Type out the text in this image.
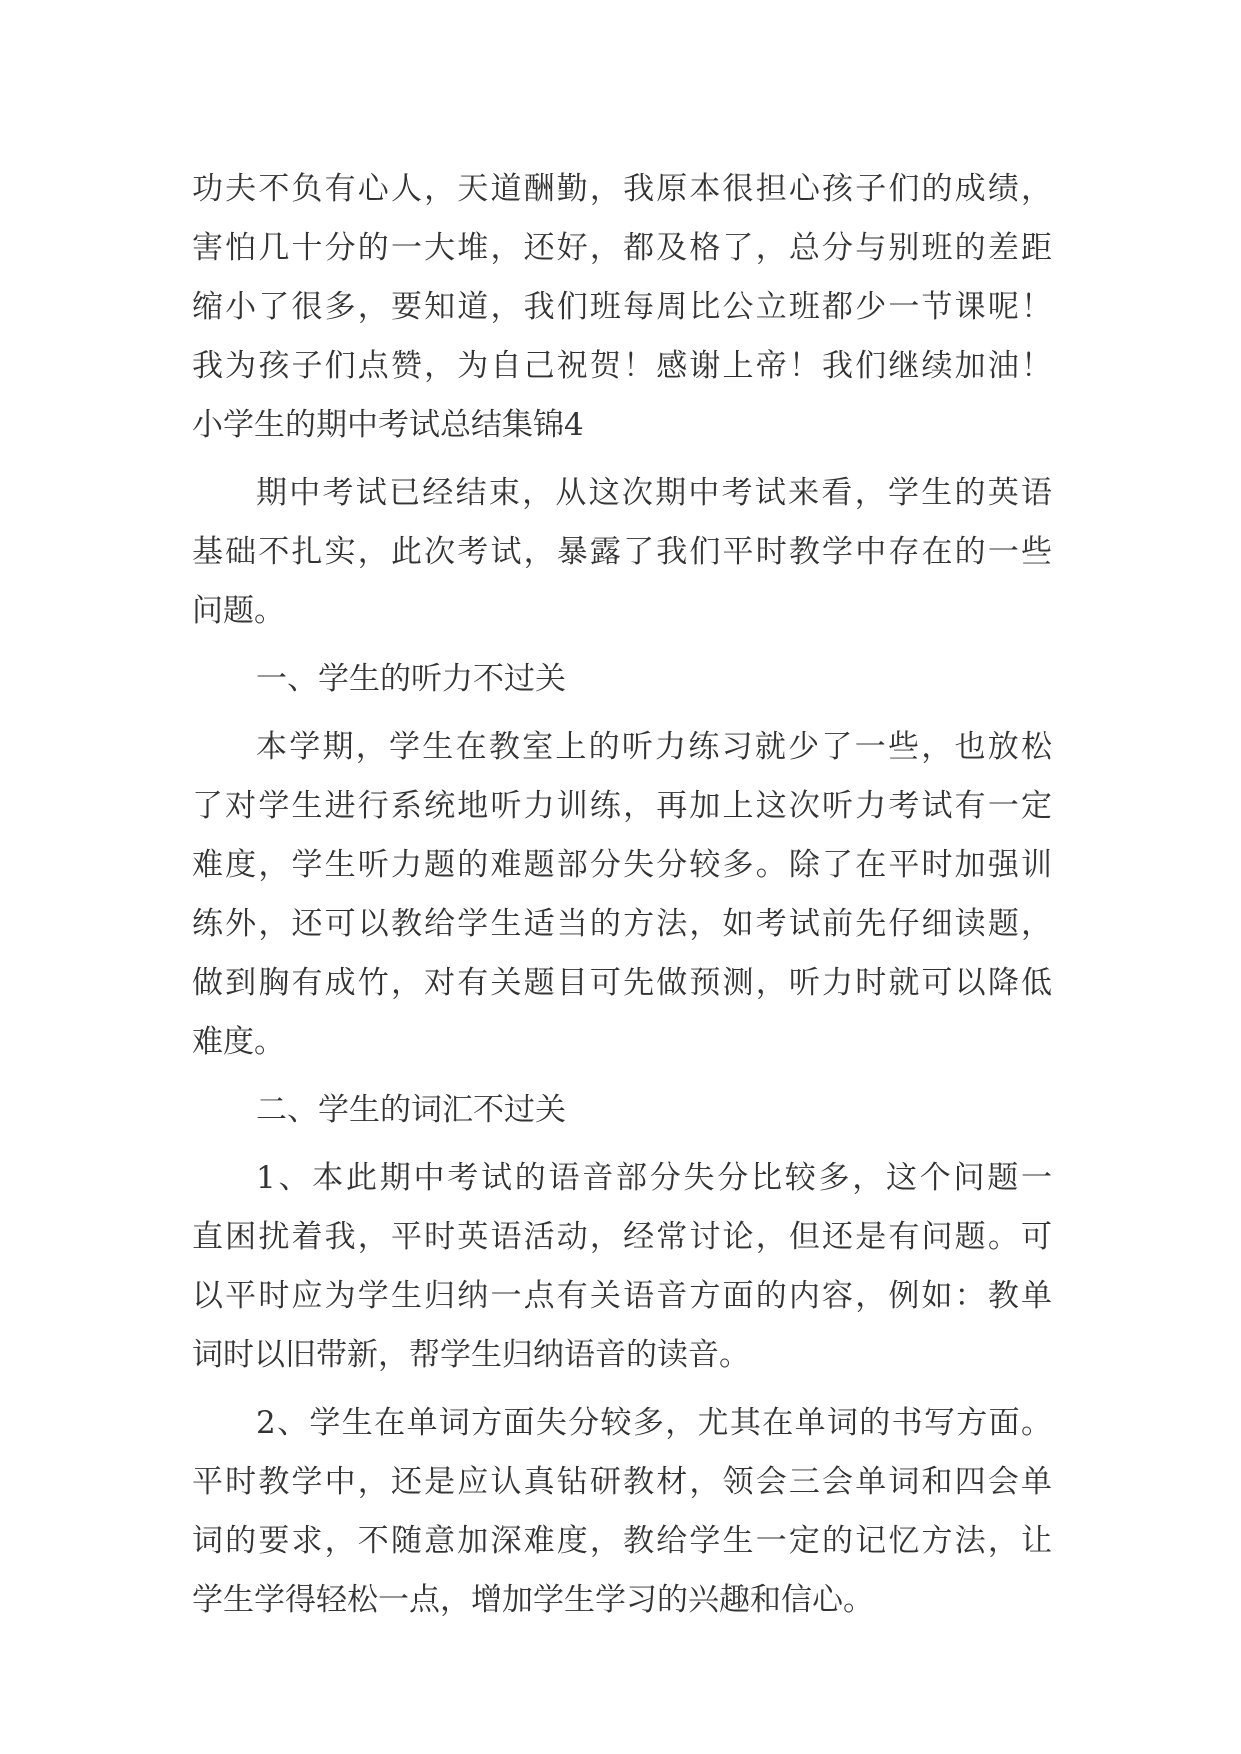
功夫不负有心人，天道酬勤，我原本很担心孩子们的成绩，
害怕几十分的一大堆，还好，都及格了，总分与别班的差距
缩小了很多，要知道，我们班每周比公立班都少一节课呢！
我为孩子们点赞，为自己祝贺！感谢上帝！我们继续加油！
小学生的期中考试总结集锦4
期中考试已经结束，从这次期中考试来看，学生的英语
基础不扎实，此次考试，暴露了我们平时教学中存在的一些
问题。
一、学生的听力不过关
本学期，学生在教室上的听力练习就少了一些，也放松
了对学生进行系统地听力训练，再加上这次听力考试有一定
难度，学生听力题的难题部分失分较多。除了在平时加强训
练外，还可以教给学生适当的方法，如考试前先仔细读题，
做到胸有成竹，对有关题目可先做预测，听力时就可以降低
难度。
二、学生的词汇不过关
1、本此期中考试的语音部分失分比较多，这个问题一
直困扰着我，平时英语活动，经常讨论，但还是有问题。可
以平时应为学生归纳一点有关语音方面的内容，例如：教单
词时以旧带新，帮学生归纳语音的读音。
2、学生在单词方面失分较多，尤其在单词的书写方面。
平时教学中，还是应认真钻研教材，领会三会单词和四会单
词的要求，不随意加深难度，教给学生一定的记忆方法，让
学生学得轻松一点，增加学生学习的兴趣和信心。
